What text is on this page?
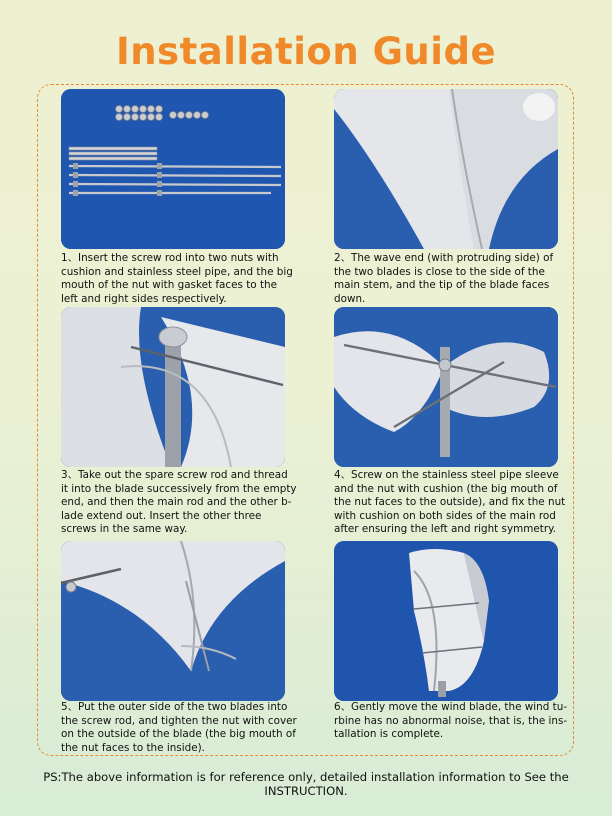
Installation Guide
1、Insert the screw rod into two nuts with cushion and stainless steel pipe, and the big mouth of the nut with gasket faces to the left and right sides respectively.
2、The wave end (with protruding side) of the two blades is close to the side of the main stem, and the tip of the blade faces down.
3、Take out the spare screw rod and thread it into the blade successively from the empty end, and then the main rod and the other b-lade extend out. Insert the other three screws in the same way.
4、Screw on the stainless steel pipe sleeve and the nut with cushion (the big mouth of the nut faces to the outside), and fix the nut with cushion on both sides of the main rod after ensuring the left and right symmetry.
5、Put the outer side of the two blades into the screw rod, and tighten the nut with cover on the outside of the blade (the big mouth of the nut faces to the inside).
6、Gently move the wind blade, the wind tu-rbine has no abnormal noise, that is, the ins-tallation is complete.
PS:The above information is for reference only, detailed installation information to See the INSTRUCTION.
